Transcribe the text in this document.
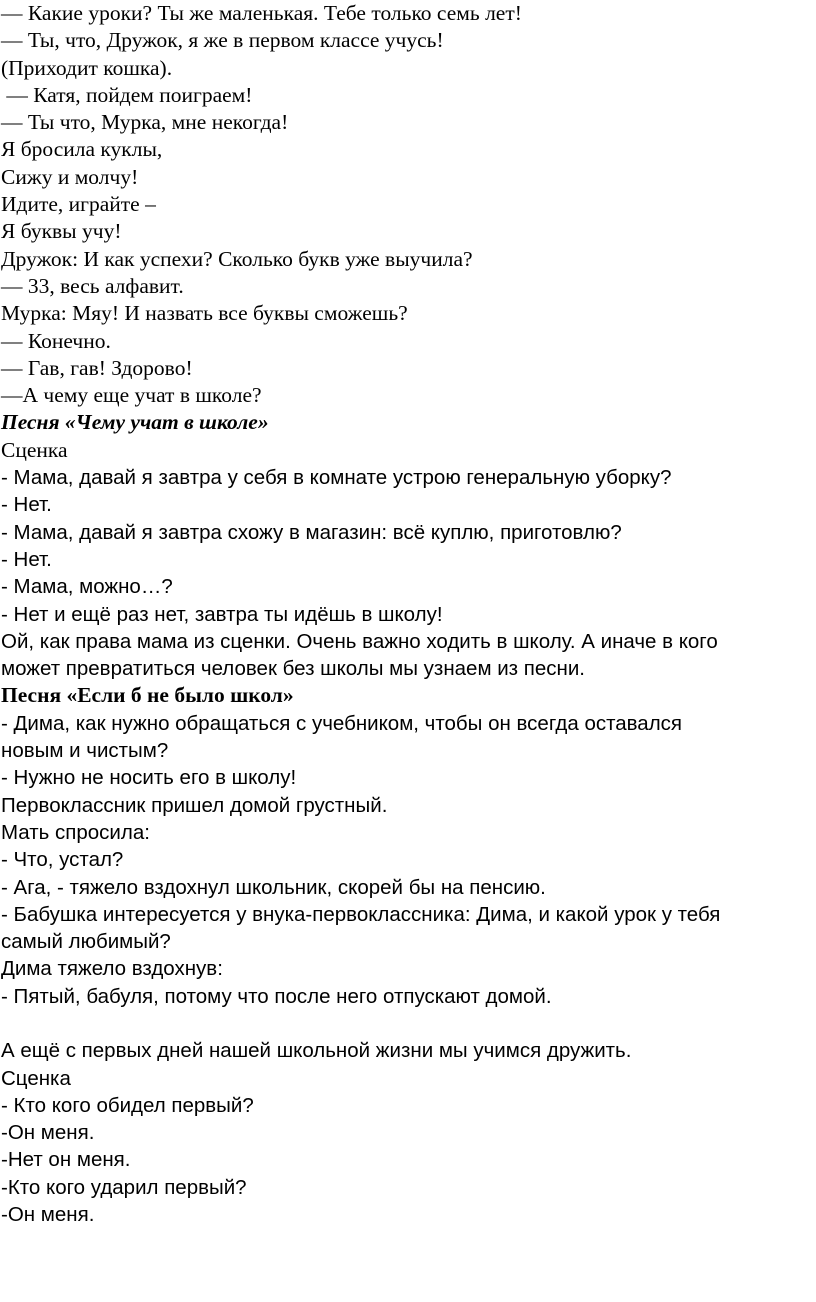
— Какие уроки? Ты же маленькая. Тебе только семь лет!
— Ты, что, Дружок, я же в первом классе учусь!
(Приходит кошка).
— Катя, пойдем поиграем!
— Ты что, Мурка, мне некогда!
Я бросила куклы,
Сижу и молчу!
Идите, играйте –
Я буквы учу!
Дружок: И как успехи? Сколько букв уже выучила?
— 33, весь алфавит.
Мурка: Мяу! И назвать все буквы сможешь?
— Конечно.
— Гав, гав! Здорово!
—А чему еще учат в школе?
Песня «Чему учат в школе»
Сценка
- Мама, давай я завтра у себя в комнате устрою генеральную уборку?
- Нет.
- Мама, давай я завтра схожу в магазин: всё куплю, приготовлю?
- Нет.
- Мама, можно…?
- Нет и ещё раз нет, завтра ты идёшь в школу!
Ой, как права мама из сценки. Очень важно ходить в школу. А иначе в кого
может превратиться человек без школы мы узнаем из песни.
Песня «Если б не было школ»
- Дима, как нужно обращаться с учебником, чтобы он всегда оставался
новым и чистым?
- Нужно не носить его в школу!
Первоклассник пришел домой грустный.
Мать спросила:
- Что, устал?
- Ага, - тяжело вздохнул школьник, скорей бы на пенсию.
- Бабушка интересуется у внука-первоклассника: Дима, и какой урок у тебя
самый любимый?
Дима тяжело вздохнув:
- Пятый, бабуля, потому что после него отпускают домой.
А ещё с первых дней нашей школьной жизни мы учимся дружить.
Сценка
- Кто кого обидел первый?
-Он меня.
-Нет он меня.
-Кто кого ударил первый?
-Он меня.
